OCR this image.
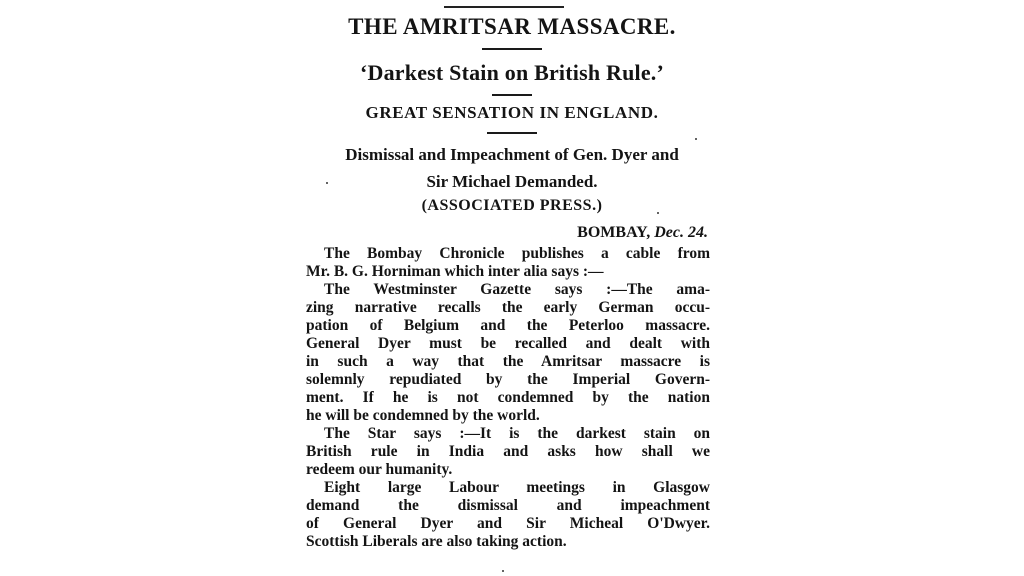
THE AMRITSAR MASSACRE.
‘Darkest Stain on British Rule.’
GREAT SENSATION IN ENGLAND.
Dismissal and Impeachment of Gen. Dyer and
Sir Michael Demanded.
(ASSOCIATED PRESS.)
BOMBAY, Dec. 24.
The Bombay Chronicle publishes a cable from
Mr. B. G. Horniman which inter alia says :—
The Westminster Gazette says :—The ama-
zing narrative recalls the early German occu-
pation of Belgium and the Peterloo massacre.
General Dyer must be recalled and dealt with
in such a way that the Amritsar massacre is
solemnly repudiated by the Imperial Govern-
ment. If he is not condemned by the nation
he will be condemned by the world.
The Star says :—It is the darkest stain on
British rule in India and asks how shall we
redeem our humanity.
Eight large Labour meetings in Glasgow
demand the dismissal and impeachment
of General Dyer and Sir Micheal O'Dwyer.
Scottish Liberals are also taking action.
